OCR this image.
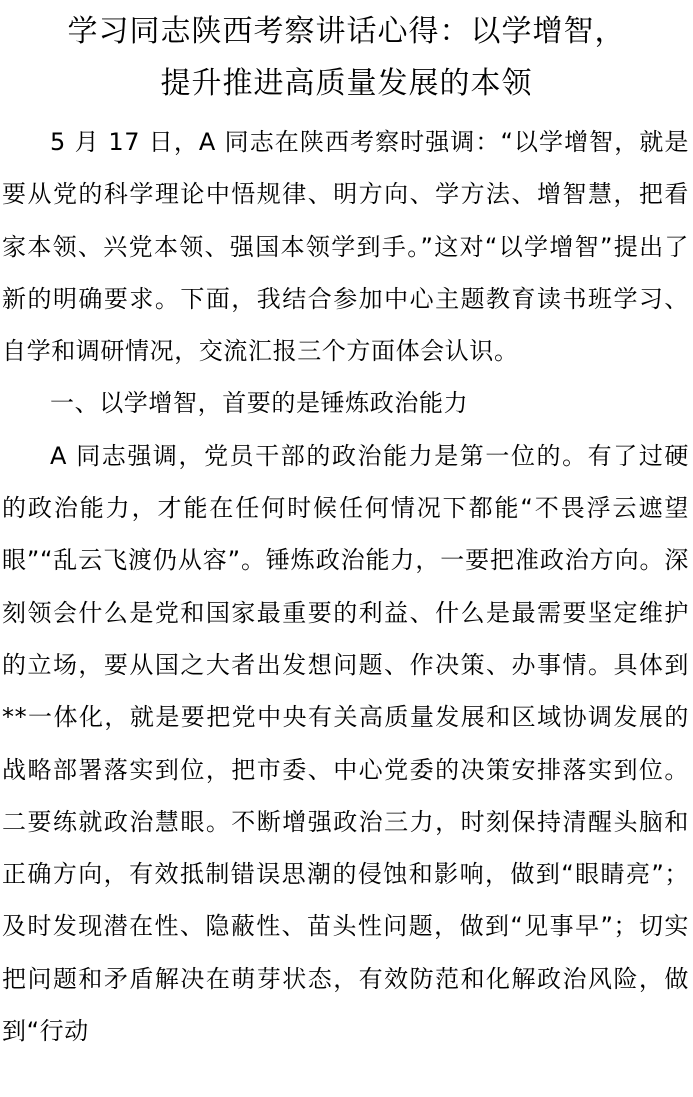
学习同志陕西考察讲话心得：以学增智，
提升推进高质量发展的本领

5 月 17 日，A 同志在陕西考察时强调：“以学增智，就是要从党的科学理论中悟规律、明方向、学方法、增智慧，把看家本领、兴党本领、强国本领学到手。”这对“以学增智”提出了新的明确要求。下面，我结合参加中心主题教育读书班学习、自学和调研情况，交流汇报三个方面体会认识。

一、以学增智，首要的是锤炼政治能力

A 同志强调，党员干部的政治能力是第一位的。有了过硬的政治能力，才能在任何时候任何情况下都能“不畏浮云遮望眼”“乱云飞渡仍从容”。锤炼政治能力，一要把准政治方向。深刻领会什么是党和国家最重要的利益、什么是最需要坚定维护的立场，要从国之大者出发想问题、作决策、办事情。具体到**一体化，就是要把党中央有关高质量发展和区域协调发展的战略部署落实到位，把市委、中心党委的决策安排落实到位。二要练就政治慧眼。不断增强政治三力，时刻保持清醒头脑和正确方向，有效抵制错误思潮的侵蚀和影响，做到“眼睛亮”；及时发现潜在性、隐蔽性、苗头性问题，做到“见事早”；切实把问题和矛盾解决在萌芽状态，有效防范和化解政治风险，做到“行动
